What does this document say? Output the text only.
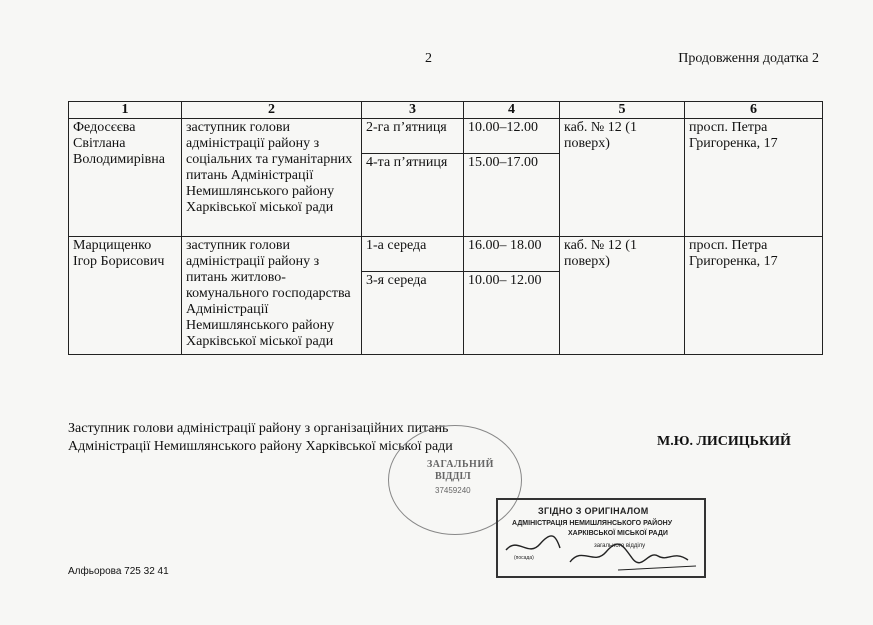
2	Продовження додатка 2
1	2	3	4	5	6
Федосєєва Світлана Володимирівна	заступник голови адміністрації району з соціальних та гуманітарних питань Адміністрації Немишлянського району Харківської міської ради	2-га п’ятниця	10.00–12.00	каб. № 12 (1 поверх)	просп. Петра Григоренка, 17
		4-та п’ятниця	15.00–17.00		
Марцищенко Ігор Борисович	заступник голови адміністрації району з питань житлово-комунального господарства Адміністрації Немишлянського району Харківської міської ради	1-а середа	16.00– 18.00	каб. № 12 (1 поверх)	просп. Петра Григоренка, 17
		3-я середа	10.00– 12.00		
Заступник голови адміністрації району з організаційних питань
Адміністрації Немишлянського району Харківської міської ради	М.Ю. ЛИСИЦЬКИЙ
ЗАГАЛЬНИЙ
ВІДДІЛ
37459240
ЗГІДНО З ОРИГІНАЛОМ
АДМІНІСТРАЦІЯ НЕМИШЛЯНСЬКОГО РАЙОНУ
ХАРКІВСЬКОЇ МІСЬКОЇ РАДИ
загального відділу
(посада)
Алфьорова 725 32 41
